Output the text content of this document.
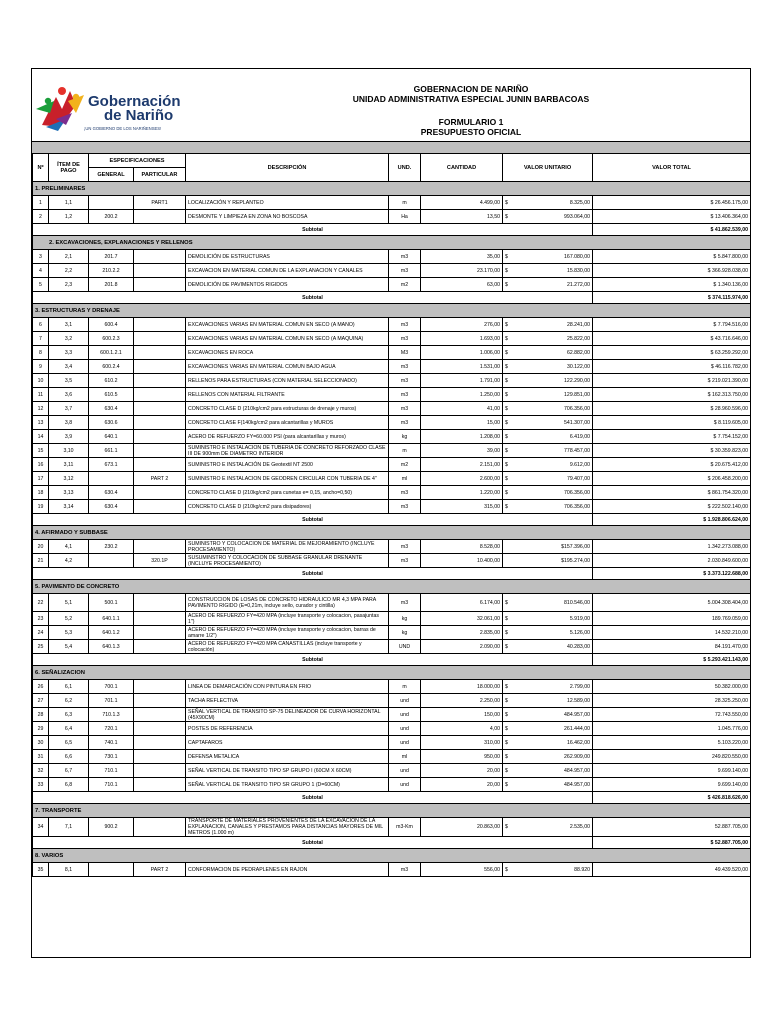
Gobernación
de Nariño
¡UN GOBIERNO DE LOS NARIÑENSES!
GOBERNACION DE NARIÑO
UNIDAD ADMINISTRATIVA ESPECIAL JUNIN BARBACOAS
FORMULARIO 1
PRESUPUESTO OFICIAL
Nº	ÍTEM DE PAGO	ESPECIFICACIONES		DESCRIPCIÓN	UND.	CANTIDAD	VALOR UNITARIO	VALOR TOTAL
		GENERAL	PARTICULAR					
1. PRELIMINARES								
1	1,1		PART1	LOCALIZACIÓN Y REPLANTEO	m	4.499,00	$ 8.325,00	$ 26.456.175,00
2	1,2	200.2		DESMONTE Y LIMPIEZA EN ZONA NO BOSCOSA	Ha	13,50	$ 993.064,00	$ 13.406.364,00
Subtotal								$ 41.862.539,00
2. EXCAVACIONES, EXPLANACIONES Y RELLENOS								
3	2,1	201.7		DEMOLICIÓN DE ESTRUCTURAS	m3	35,00	$ 167.080,00	$ 5.847.800,00
4	2,2	210.2.2		EXCAVACION EN MATERIAL COMUN DE LA EXPLANACION Y CANALES	m3	23.170,00	$ 15.830,00	$ 366.928.038,00
5	2,3	201.8		DEMOLICIÓN DE PAVIMENTOS RIGIDOS	m2	63,00	$ 21.272,00	$ 1.340.136,00
Subtotal								$ 374.115.974,00
3. ESTRUCTURAS Y DRENAJE								
6	3,1	600.4		EXCAVACIONES VARIAS EN MATERIAL COMUN EN SECO (A MANO)	m3	276,00	$ 28.241,00	$ 7.794.516,00
7	3,2	600.2.3		EXCAVACIONES VARIAS EN MATERIAL COMUN EN SECO (A MAQUINA)	m3	1.693,00	$ 25.822,00	$ 43.716.646,00
8	3,3	600.1.2.1		EXCAVACIONES EN ROCA	M3	1.006,00	$ 62.882,00	$ 63.259.292,00
9	3,4	600.2.4		EXCAVACIONES VARIAS EN MATERIAL COMUN BAJO AGUA	m3	1.531,00	$ 30.122,00	$ 46.116.782,00
10	3,5	610.2		RELLENOS PARA ESTRUCTURAS (CON MATERIAL SELECCIONADO)	m3	1.791,00	$ 122.290,00	$ 219.021.390,00
11	3,6	610.5		RELLENOS CON MATERIAL FILTRANTE	m3	1.250,00	$ 129.851,00	$ 162.313.750,00
12	3,7	630.4		CONCRETO CLASE D (210kg/cm2 para estructuras de drenaje y muros)	m3	41,00	$ 706.356,00	$ 28.960.596,00
13	3,8	630.6		CONCRETO CLASE F(140kg/cm2 para alcantarillas y MUROS	m3	15,00	$ 541.307,00	$ 8.119.605,00
14	3,9	640.1		ACERO DE REFUERZO FY=60.000 PSI (para alcantarillas y muros)	kg	1.208,00	$ 6.419,00	$ 7.754.152,00
15	3,10	661.1		SUMINISTRO E INSTALACION DE TUBERIA DE CONCRETO REFORZADO CLASE III DE 900mm DE DIAMETRO INTERIOR	m	39,00	$ 778.457,00	$ 30.359.823,00
16	3,11	673.1		SUMINISTRO E INSTALACIÓN DE Geotextil NT 2500	m2	2.151,00	$ 9.612,00	$ 20.675.412,00
17	3,12		PART 2	SUMINISTRO E INSTALACION DE GEODREN CIRCULAR CON TUBERIA DE 4"	ml	2.600,00	$ 79.407,00	$ 206.458.200,00
18	3,13	630.4		CONCRETO CLASE D (210kg/cm2 para cunetas e= 0,15, ancho=0,50)	m3	1.220,00	$ 706.356,00	$ 861.754.320,00
19	3,14	630.4		CONCRETO CLASE D (210kg/cm2 para disipadores)	m3	315,00	$ 706.356,00	$ 222.502.140,00
Subtotal								$ 1.928.806.624,00
4. AFIRMADO Y SUBBASE								
20	4,1	230.2		SUMINISTRO Y COLOCACION DE MATERIAL DE MEJORAMIENTO (INCLUYE PROCESAMIENTO)	m3	8.528,00	$157.396,00	1.342.273.088,00
21	4,2		320.1P	SUSUMINSTRO Y COLOCACION DE SUBBASE GRANULAR DRENANTE (INCLUYE PROCESAMIENTO)	m3	10.400,00	$195.274,00	2.030.849.600,00
Subtotal								$ 3.373.122.688,00
5. PAVIMENTO DE CONCRETO								
22	5,1	500.1		CONSTRUCCION DE LOSAS DE CONCRETO HIDRAULICO MR 4,3 MPA PARA PAVIMENTO RIGIDO (E=0,21m, incluye sello, curador y cintilla)	m3	6.174,00	$ 810.546,00	5.004.308.404,00
23	5,2	640.1.1		ACERO DE REFUERZO FY=420 MPA (incluye transporte y colocacion, pasajuntas 1")	kg	32.061,00	$ 5.919,00	189.769.059,00
24	5,3	640.1.2		ACERO DE REFUERZO FY=420 MPA (incluye transporte y colocacion, barras de amarre 1/2")	kg	2.835,00	$ 5.126,00	14.532.210,00
25	5,4	640.1.3		ACERO DE REFUERZO FY=420 MPA CANASTILLAS (incluye transporte y colocación)	UND	2.090,00	$ 40.283,00	84.191.470,00
Subtotal								$ 5.293.421.143,00
6. SEÑALIZACION								
26	6,1	700.1		LINEA DE DEMARCACIÓN CON PINTURA EN FRIO	m	18.000,00	$ 2.799,00	50.382.000,00
27	6,2	701.1		TACHA REFLECTIVA	und	2.250,00	$ 12.589,00	28.325.250,00
28	6,3	710.1.3		SEÑAL VERTICAL DE TRANSITO SP-75 DELINEADOR DE CURVA HORIZONTAL (45X90CM)	und	150,00	$ 484.957,00	72.743.550,00
29	6,4	720.1		POSTES DE REFERENCIA	und	4,00	$ 261.444,00	1.045.776,00
30	6,5	740.1		CAPTAFAROS	und	310,00	$ 16.462,00	5.103.220,00
31	6,6	730.1		DEFENSA METALICA	ml	950,00	$ 262.909,00	249.820.550,00
32	6,7	710.1		SEÑAL VERTICAL DE TRANSITO TIPO SP GRUPO I (60CM X 60CM)	und	20,00	$ 484.957,00	9.699.140,00
33	6,8	710.1		SEÑAL VERTICAL DE TRANSITO TIPO SR GRUPO 1 (D=60CM)	und	20,00	$ 484.957,00	9.699.140,00
Subtotal								$ 426.818.626,00
7. TRANSPORTE								
34	7,1	900.2		TRANSPORTE DE MATERIALES PROVENIENTES DE LA EXCAVACION DE LA EXPLANACION, CANALES Y PRESTAMOS PARA DISTANCIAS MAYORES DE MIL METROS (1.000 m)	m3-Km	20.863,00	$ 2.535,00	52.887.705,00
Subtotal								$ 52.887.705,00
8. VARIOS								
35	8,1		PART 2	CONFORMACION DE PEDRAPLENES EN RAJON	m3	556,00	$ 88.920	49.439.520,00
